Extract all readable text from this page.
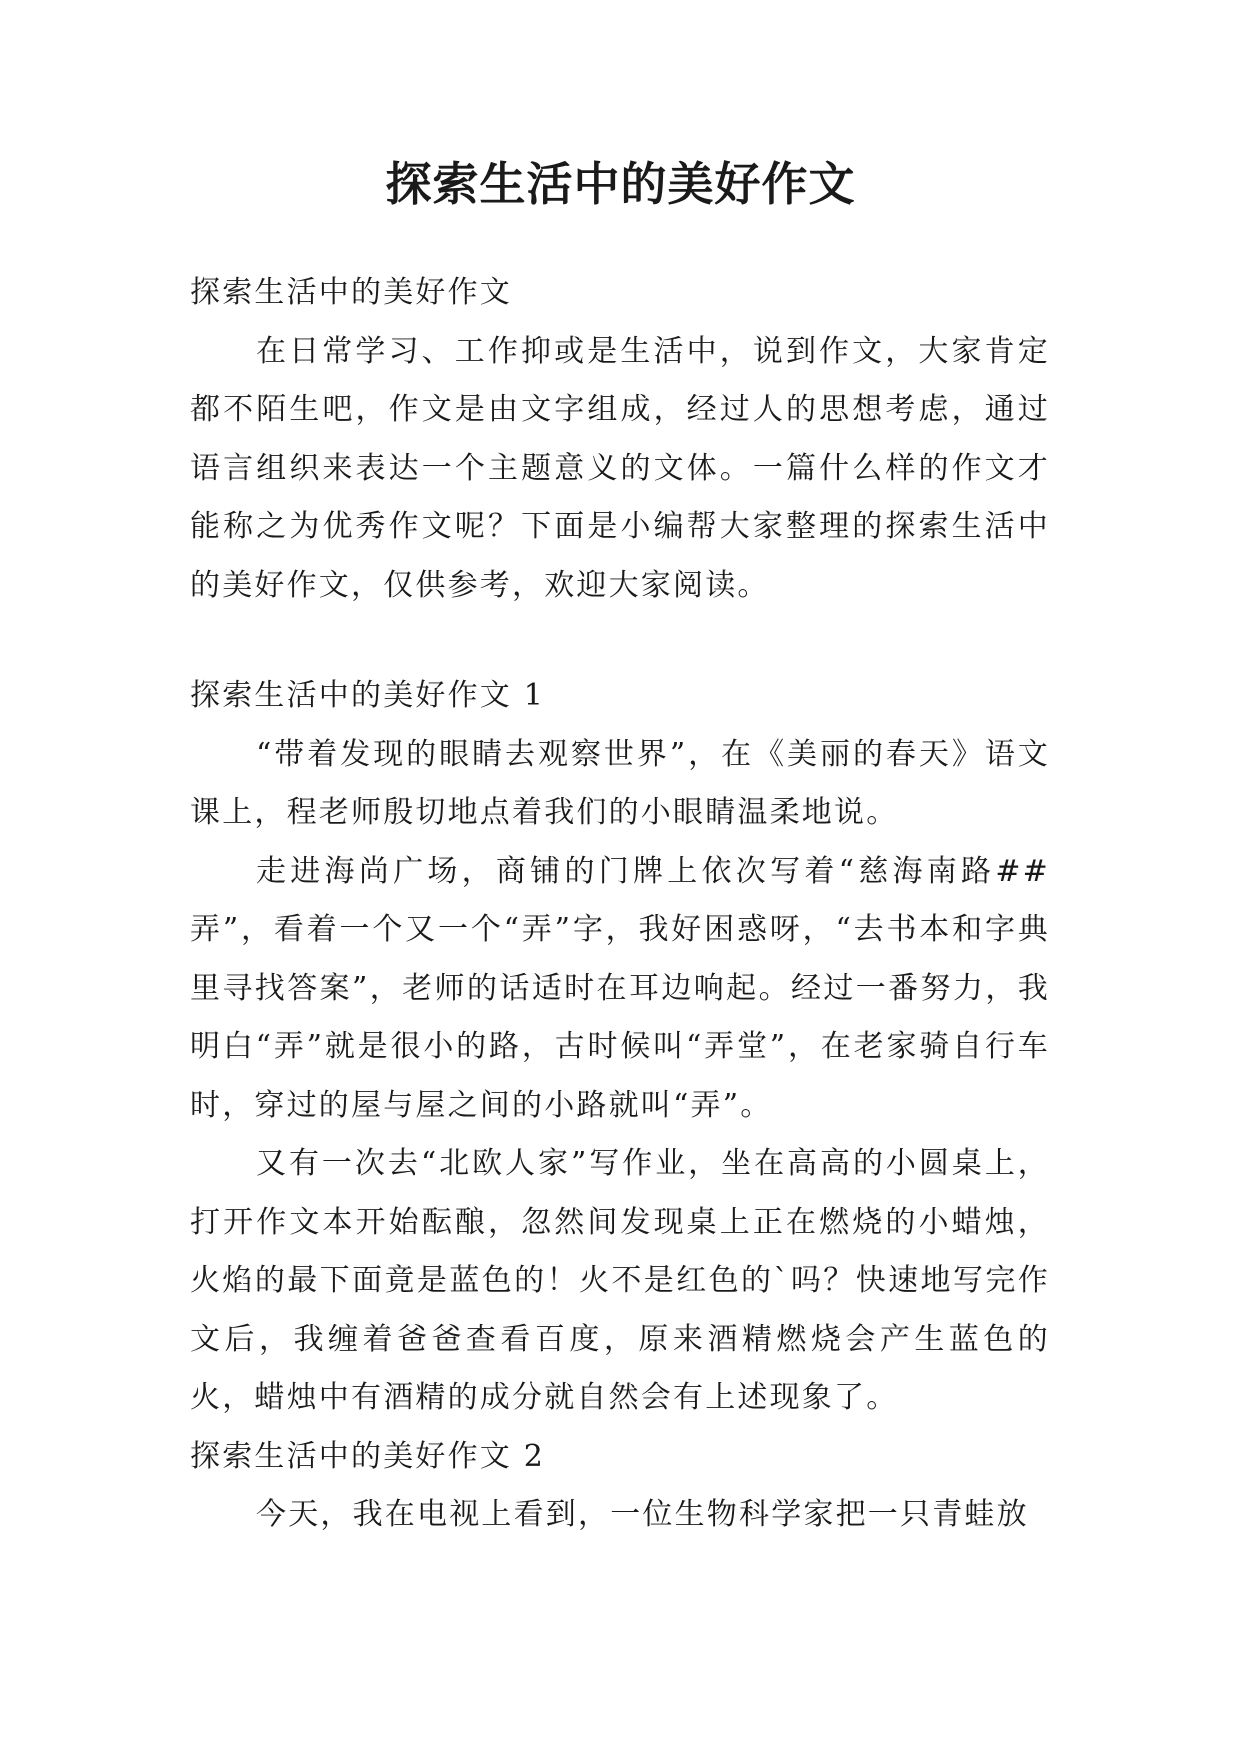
探索生活中的美好作文

探索生活中的美好作文

在日常学习、工作抑或是生活中，说到作文，大家肯定都不陌生吧，作文是由文字组成，经过人的思想考虑，通过语言组织来表达一个主题意义的文体。一篇什么样的作文才能称之为优秀作文呢？下面是小编帮大家整理的探索生活中的美好作文，仅供参考，欢迎大家阅读。

探索生活中的美好作文 1

“带着发现的眼睛去观察世界”，在《美丽的春天》语文课上，程老师殷切地点着我们的小眼睛温柔地说。

走进海尚广场，商铺的门牌上依次写着“慈海南路##弄”，看着一个又一个“弄”字，我好困惑呀，“去书本和字典里寻找答案”，老师的话适时在耳边响起。经过一番努力，我明白“弄”就是很小的路，古时候叫“弄堂”，在老家骑自行车时，穿过的屋与屋之间的小路就叫“弄”。

又有一次去“北欧人家”写作业，坐在高高的小圆桌上，打开作文本开始酝酿，忽然间发现桌上正在燃烧的小蜡烛，火焰的最下面竟是蓝色的！火不是红色的`吗？快速地写完作文后，我缠着爸爸查看百度，原来酒精燃烧会产生蓝色的火，蜡烛中有酒精的成分就自然会有上述现象了。

探索生活中的美好作文 2

今天，我在电视上看到，一位生物科学家把一只青蛙放
